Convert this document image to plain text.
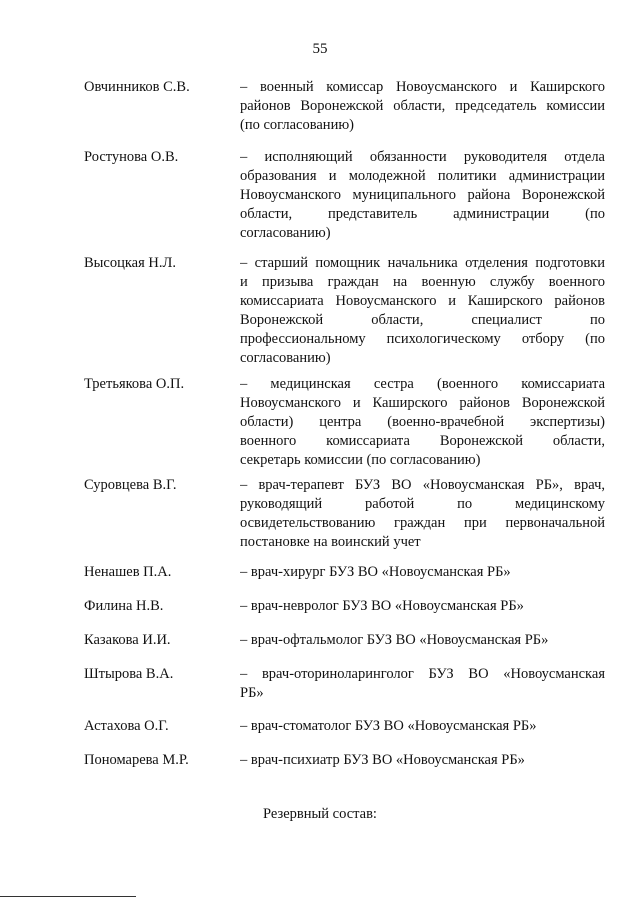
55
Овчинников С.В.	– военный комиссар Новоусманского и Каширского
районов Воронежской области, председатель комиссии
(по согласованию)
Ростунова О.В.	– исполняющий обязанности руководителя отдела
образования и молодежной политики администрации
Новоусманского муниципального района Воронежской
области, представитель администрации (по
согласованию)
Высоцкая Н.Л.	– старший помощник начальника отделения подготовки
и призыва граждан на военную службу военного
комиссариата Новоусманского и Каширского районов
Воронежской области, специалист по
профессиональному психологическому отбору (по
согласованию)
Третьякова О.П.	– медицинская сестра (военного комиссариата
Новоусманского и Каширского районов Воронежской
области) центра (военно-врачебной экспертизы)
военного комиссариата Воронежской области,
секретарь комиссии (по согласованию)
Суровцева В.Г.	– врач-терапевт БУЗ ВО «Новоусманская РБ», врач,
руководящий работой по медицинскому
освидетельствованию граждан при первоначальной
постановке на воинский учет
Ненашев П.А.	– врач-хирург БУЗ ВО «Новоусманская РБ»
Филина Н.В.	– врач-невролог БУЗ ВО «Новоусманская РБ»
Казакова И.И.	– врач-офтальмолог БУЗ ВО «Новоусманская РБ»
Штырова В.А.	– врач-оториноларинголог БУЗ ВО «Новоусманская
РБ»
Астахова О.Г.	– врач-стоматолог БУЗ ВО «Новоусманская РБ»
Пономарева М.Р.	– врач-психиатр БУЗ ВО «Новоусманская РБ»
Резервный состав:
